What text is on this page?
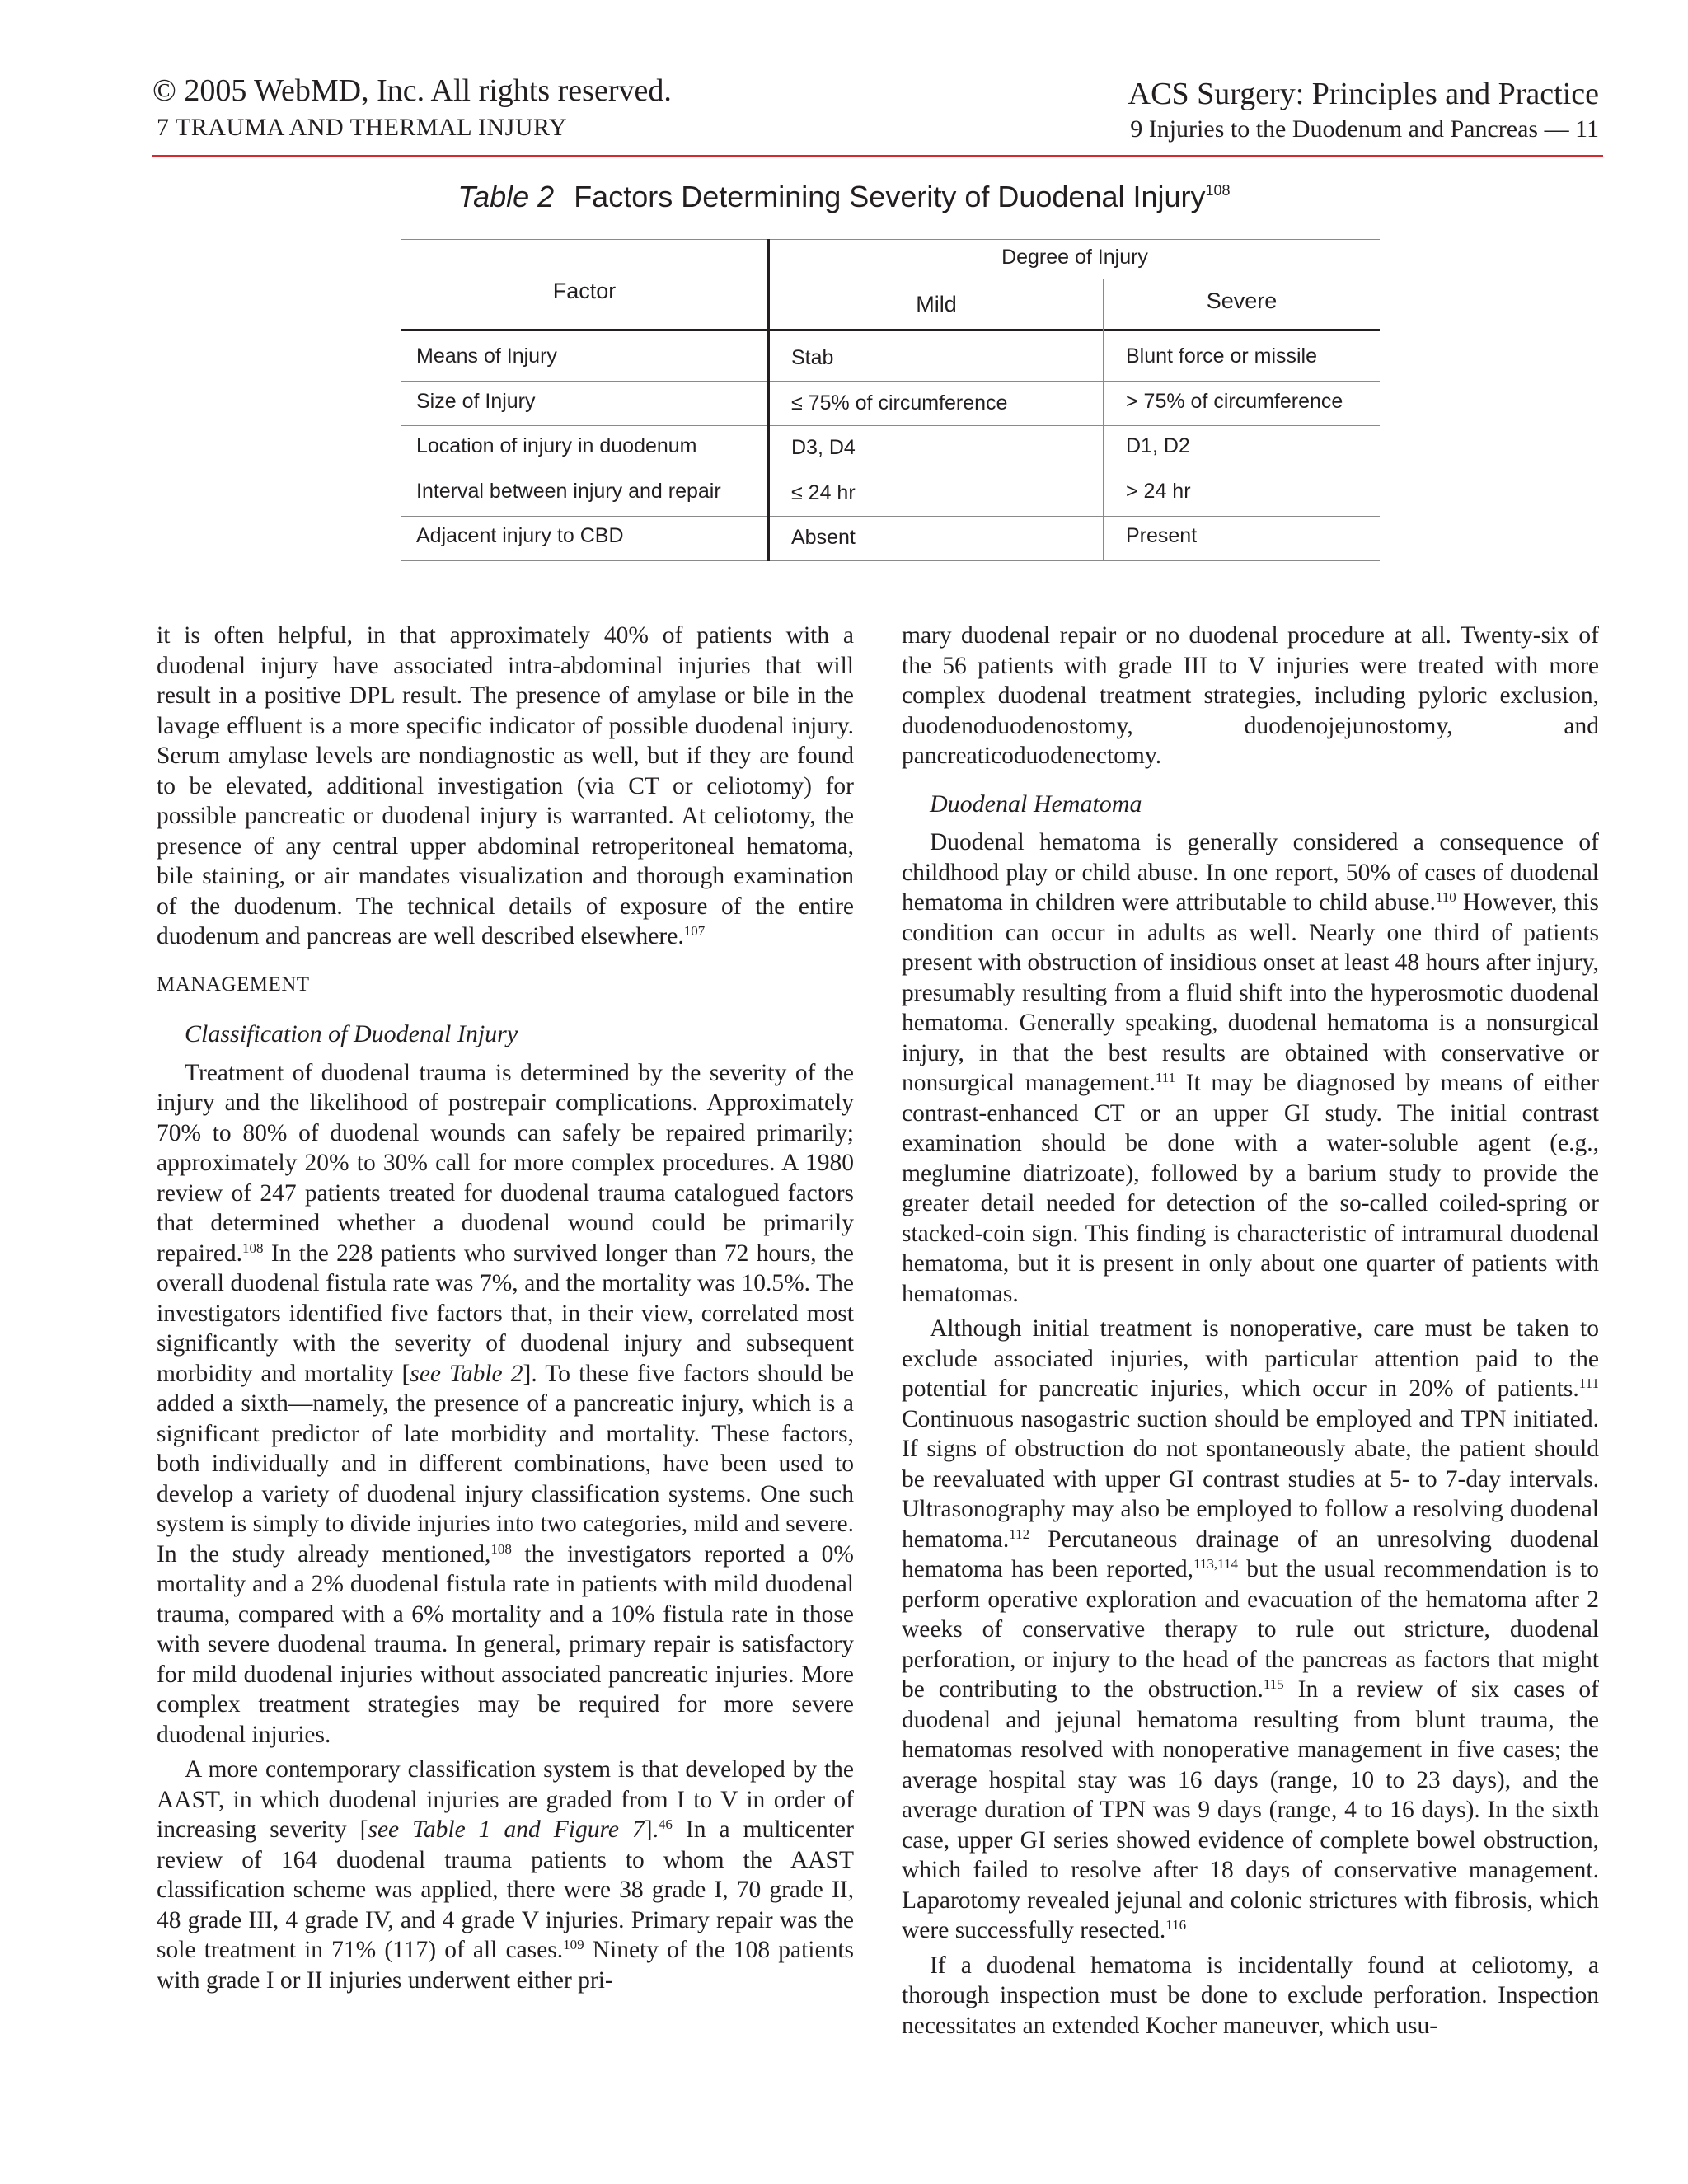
© 2005 WebMD, Inc. All rights reserved.
7 TRAUMA AND THERMAL INJURY
ACS Surgery: Principles and Practice
9 Injuries to the Duodenum and Pancreas — 11
Table 2 Factors Determining Severity of Duodenal Injury$^{108}$
Factor
Degree of Injury
Mild	Severe
Means of Injury	Stab	Blunt force or missile
Size of Injury	≤ 75% of circumference	> 75% of circumference
Location of injury in duodenum	D3, D4	D1, D2
Interval between injury and repair	≤ 24 hr	> 24 hr
Adjacent injury to CBD	Absent	Present

it is often helpful, in that approximately 40% of patients with a duodenal injury have associated intra-abdominal injuries that will result in a positive DPL result. The presence of amylase or bile in the lavage effluent is a more specific indicator of possible duodenal injury. Serum amylase levels are nondiagnostic as well, but if they are found to be elevated, additional investigation (via CT or celiotomy) for possible pancreatic or duodenal injury is warranted. At celiotomy, the presence of any central upper abdominal retroperitoneal hematoma, bile staining, or air mandates visualization and thorough examination of the duodenum. The technical details of exposure of the entire duodenum and pancreas are well described elsewhere.$^{107}$

MANAGEMENT
Classification of Duodenal Injury

Treatment of duodenal trauma is determined by the severity of the injury and the likelihood of postrepair complications. Approximately 70% to 80% of duodenal wounds can safely be repaired primarily; approximately 20% to 30% call for more complex procedures. A 1980 review of 247 patients treated for duodenal trauma catalogued factors that determined whether a duodenal wound could be primarily repaired.$^{108}$ In the 228 patients who survived longer than 72 hours, the overall duodenal fistula rate was 7%, and the mortality was 10.5%. The investigators identified five factors that, in their view, correlated most significantly with the severity of duodenal injury and subsequent morbidity and mortality [see Table 2]. To these five factors should be added a sixth—namely, the presence of a pancreatic injury, which is a significant predictor of late morbidity and mortality. These factors, both individually and in different combinations, have been used to develop a variety of duodenal injury classification systems. One such system is simply to divide injuries into two categories, mild and severe. In the study already mentioned,$^{108}$ the investigators reported a 0% mortality and a 2% duodenal fistula rate in patients with mild duodenal trauma, compared with a 6% mortality and a 10% fistula rate in those with severe duodenal trauma. In general, primary repair is satisfactory for mild duodenal injuries without associated pancreatic injuries. More complex treatment strategies may be required for more severe duodenal injuries.

A more contemporary classification system is that developed by the AAST, in which duodenal injuries are graded from I to V in order of increasing severity [see Table 1 and Figure 7].$^{46}$ In a multicenter review of 164 duodenal trauma patients to whom the AAST classification scheme was applied, there were 38 grade I, 70 grade II, 48 grade III, 4 grade IV, and 4 grade V injuries. Primary repair was the sole treatment in 71% (117) of all cases.$^{109}$ Ninety of the 108 patients with grade I or II injuries underwent either pri-

mary duodenal repair or no duodenal procedure at all. Twenty-six of the 56 patients with grade III to V injuries were treated with more complex duodenal treatment strategies, including pyloric exclusion, duodenoduodenostomy, duodenojejunostomy, and pancreaticoduodenectomy.

Duodenal Hematoma

Duodenal hematoma is generally considered a consequence of childhood play or child abuse. In one report, 50% of cases of duodenal hematoma in children were attributable to child abuse.$^{110}$ However, this condition can occur in adults as well. Nearly one third of patients present with obstruction of insidious onset at least 48 hours after injury, presumably resulting from a fluid shift into the hyperosmotic duodenal hematoma. Generally speaking, duodenal hematoma is a nonsurgical injury, in that the best results are obtained with conservative or nonsurgical management.$^{111}$ It may be diagnosed by means of either contrast-enhanced CT or an upper GI study. The initial contrast examination should be done with a water-soluble agent (e.g., meglumine diatrizoate), followed by a barium study to provide the greater detail needed for detection of the so-called coiled-spring or stacked-coin sign. This finding is characteristic of intramural duodenal hematoma, but it is present in only about one quarter of patients with hematomas.

Although initial treatment is nonoperative, care must be taken to exclude associated injuries, with particular attention paid to the potential for pancreatic injuries, which occur in 20% of patients.$^{111}$ Continuous nasogastric suction should be employed and TPN initiated. If signs of obstruction do not spontaneously abate, the patient should be reevaluated with upper GI contrast studies at 5- to 7-day intervals. Ultrasonography may also be employed to follow a resolving duodenal hematoma.$^{112}$ Percutaneous drainage of an unresolving duodenal hematoma has been reported,$^{113,114}$ but the usual recommendation is to perform operative exploration and evacuation of the hematoma after 2 weeks of conservative therapy to rule out stricture, duodenal perforation, or injury to the head of the pancreas as factors that might be contributing to the obstruction.$^{115}$ In a review of six cases of duodenal and jejunal hematoma resulting from blunt trauma, the hematomas resolved with nonoperative management in five cases; the average hospital stay was 16 days (range, 10 to 23 days), and the average duration of TPN was 9 days (range, 4 to 16 days). In the sixth case, upper GI series showed evidence of complete bowel obstruction, which failed to resolve after 18 days of conservative management. Laparotomy revealed jejunal and colonic strictures with fibrosis, which were successfully resected.$^{116}$

If a duodenal hematoma is incidentally found at celiotomy, a thorough inspection must be done to exclude perforation. Inspection necessitates an extended Kocher maneuver, which usu-
